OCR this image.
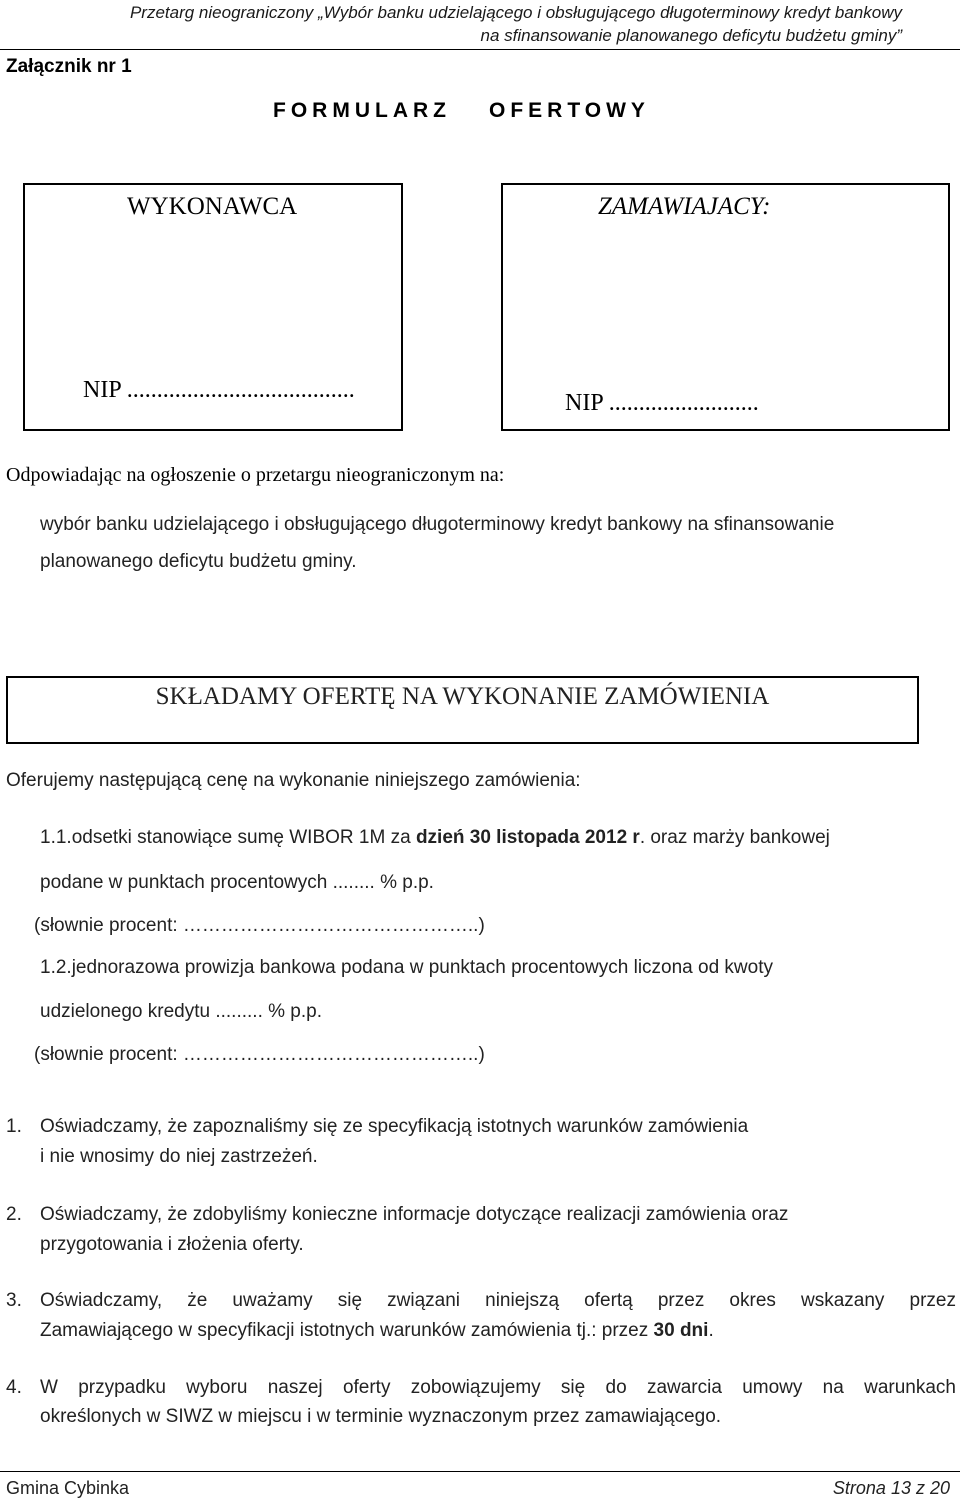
Przetarg nieograniczony „Wybór banku udzielającego i obsługującego długoterminowy kredyt bankowy
na sfinansowanie planowanego deficytu budżetu gminy”
Załącznik nr 1
FORMULARZ OFERTOWY
WYKONAWCA	ZAMAWIAJACY:
NIP ......................................	NIP .........................
Odpowiadając na ogłoszenie o przetargu nieograniczonym na:
wybór banku udzielającego i obsługującego długoterminowy kredyt bankowy na sfinansowanie
planowanego deficytu budżetu gminy.
SKŁADAMY OFERTĘ NA WYKONANIE ZAMÓWIENIA
Oferujemy następującą cenę na wykonanie niniejszego zamówienia:
1.1.odsetki stanowiące sumę WIBOR 1M za dzień 30 listopada 2012 r. oraz marży bankowej
podane w punktach procentowych ........ % p.p.
(słownie procent: ………………………………………..)
1.2.jednorazowa prowizja bankowa podana w punktach procentowych liczona od kwoty
udzielonego kredytu ......... % p.p.
(słownie procent: ………………………………………..)
1. Oświadczamy, że zapoznaliśmy się ze specyfikacją istotnych warunków zamówienia
i nie wnosimy do niej zastrzeżeń.
2. Oświadczamy, że zdobyliśmy konieczne informacje dotyczące realizacji zamówienia oraz
przygotowania i złożenia oferty.
3. Oświadczamy, że uważamy się związani niniejszą ofertą przez okres wskazany przez
Zamawiającego w specyfikacji istotnych warunków zamówienia tj.: przez 30 dni.
4. W przypadku wyboru naszej oferty zobowiązujemy się do zawarcia umowy na warunkach
określonych w SIWZ w miejscu i w terminie wyznaczonym przez zamawiającego.
Gmina Cybinka	Strona 13 z 20
